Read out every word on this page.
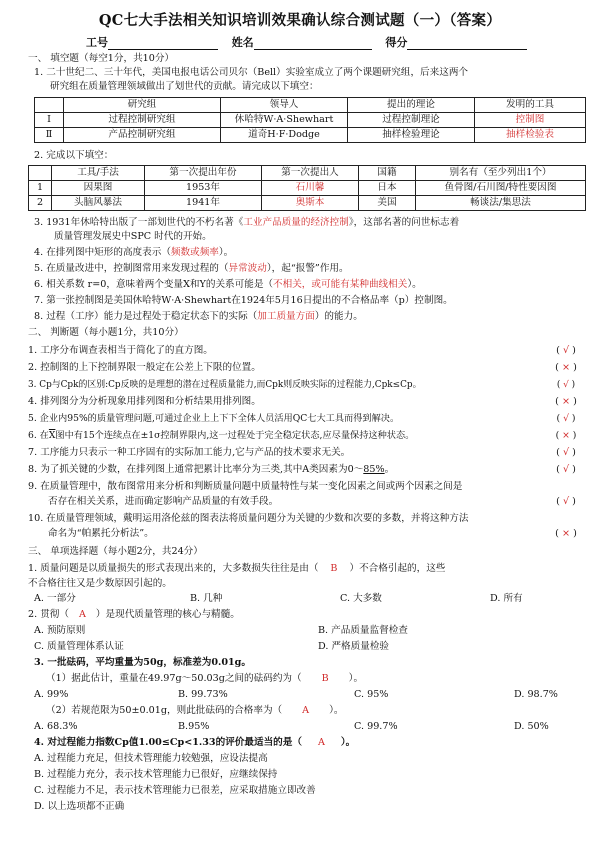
QC七大手法相关知识培训效果确认综合测试题（一）（答案）
工号	姓名	得分
一、 填空题（每空1分，共10分）
1. 二十世纪二、三十年代，美国电报电话公司贝尔（Bell）实验室成立了两个课题研究组，后来这两个
研究组在质量管理领域做出了划世代的贡献。请完成以下填空：
	研究组	领导人	提出的理论	发明的工具
Ⅰ	过程控制研究组	休哈特W·A·Shewhart	过程控制理论	控制图
Ⅱ	产品控制研究组	道奇H·F·Dodge	抽样检验理论	抽样检验表
2. 完成以下填空：
	工具/手法	第一次提出年份	第一次提出人	国籍	别名有（至少列出1个）
1	因果图	1953年	石川馨	日本	鱼骨图/石川图/特性要因图
2	头脑风暴法	1941年	奥斯本	美国	畅谈法/集思法
3. 1931年休哈特出版了一部划世代的不朽名著《工业产品质量的经济控制》，这部名著的问世标志着
质量管理发展史中SPC 时代的开始。
4. 在排列图中矩形的高度表示（频数或频率）。
5. 在质量改进中，控制图常用来发现过程的（异常波动），起“报警”作用。
6. 相关系数 r=0，意味着两个变量X和Y的关系可能是（不相关，或可能有某种曲线相关）。
7. 第一张控制图是美国休哈特W·A·Shewhart在1924年5月16日提出的不合格品率（p）控制图。
8. 过程（工序）能力是过程处于稳定状态下的实际（加工质量方面）的能力。
二、 判断题（每小题1分，共10分）
1. 工序分布调查表相当于简化了的直方图。	( √ )
2. 控制图的上下控制界限一般定在公差上下限的位置。	( × )
3. Cp与Cpk的区别:Cp反映的是理想的潜在过程质量能力,而Cpk则反映实际的过程能力,Cpk≤Cp。	( √ )
4. 排列图分为分析现象用排列图和分析结果用排列图。	( × )
5. 企业内95%的质量管理问题,可通过企业上上下下全体人员活用QC七大工具而得到解决。	( √ )
6. 在$\overline{X}$图中有15个连续点在±1σ控制界限内,这一过程处于完全稳定状态,应尽量保持这种状态。	( × )
7. 工序能力只表示一种工序固有的实际加工能力,它与产品的技术要求无关。	( √ )
8. 为了抓关键的少数，在排列图上通常把累计比率分为三类,其中A类因素为0～85%。	( √ )
9. 在质量管理中，散布图常用来分析和判断质量问题中质量特性与某一变化因素之间或两个因素之间是
否存在相关关系，进而确定影响产品质量的有效手段。	( √ )
10. 在质量管理领域，戴明运用洛伦兹的图表法将质量问题分为关键的少数和次要的多数，并将这种方法
命名为“帕累托分析法”。	( × )
三、 单项选择题（每小题2分，共24分）
1. 质量问题是以质量损失的形式表现出来的，大多数损失往往是由（ B ）不合格引起的，这些
不合格往往又是少数原因引起的。
A. 一部分	B. 几种	C. 大多数	D. 所有
2. 贯彻（ A ）是现代质量管理的核心与精髓。
A. 预防原则	B. 产品质量监督检查
C. 质量管理体系认证	D. 严格质量检验
3. 一批砝码，平均重量为50g，标准差为0.01g。
（1）据此估计，重量在49.97g～50.03g之间的砝码约为（ B ）。
A. 99%	B. 99.73%	C. 95%	D. 98.7%
（2）若规范限为50±0.01g，则此批砝码的合格率为（ A ）。
A. 68.3%	B.95%	C. 99.7%	D. 50%
4. 对过程能力指数Cp值1.00≤Cp<1.33的评价最适当的是（ A ）。
A. 过程能力充足，但技术管理能力较勉强，应设法提高
B. 过程能力充分，表示技术管理能力已很好，应继续保持
C. 过程能力不足，表示技术管理能力已很差，应采取措施立即改善
D. 以上选项都不正确
